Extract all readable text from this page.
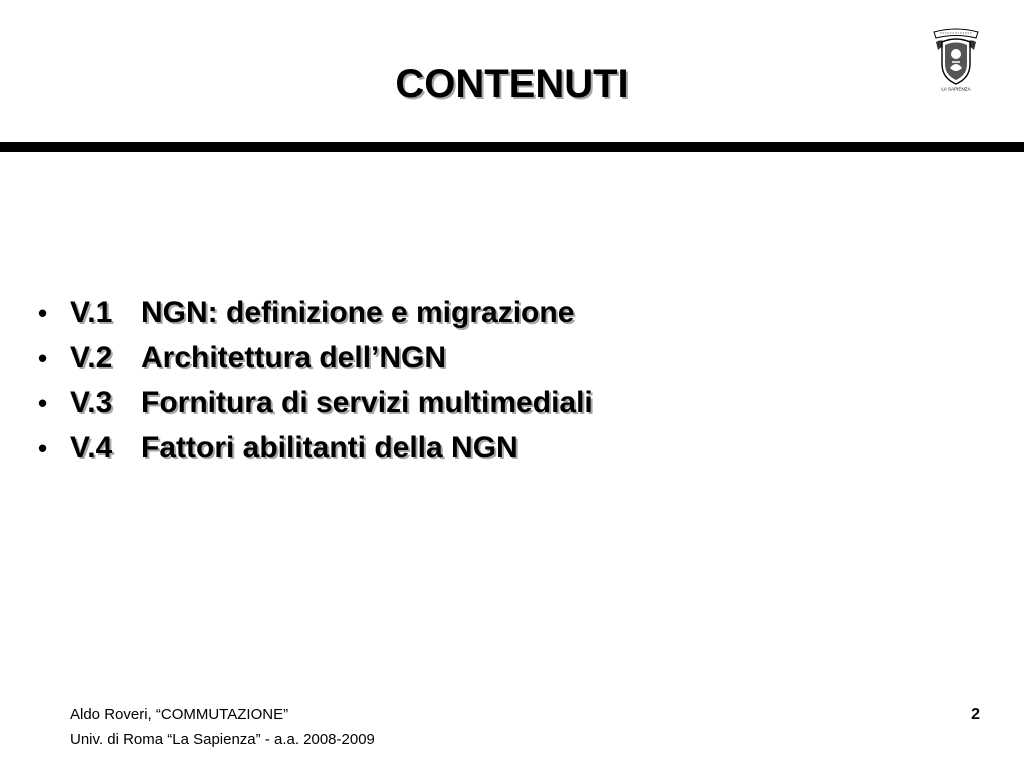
CONTENUTI	LA SAPIENZA
• V.1 NGN: definizione e migrazione
• V.2 Architettura dell’NGN
• V.3 Fornitura di servizi multimediali
• V.4 Fattori abilitanti della NGN
Aldo Roveri, “COMMUTAZIONE”
Univ. di Roma “La Sapienza” - a.a. 2008-2009
2
